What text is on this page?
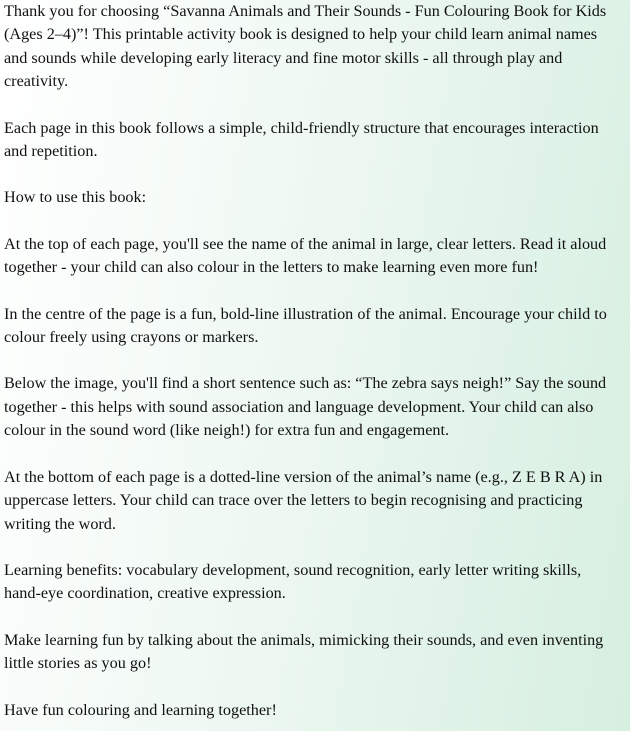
Thank you for choosing “Savanna Animals and Their Sounds - Fun Colouring Book for Kids (Ages 2–4)”! This printable activity book is designed to help your child learn animal names and sounds while developing early literacy and fine motor skills - all through play and creativity.

Each page in this book follows a simple, child-friendly structure that encourages interaction and repetition.

How to use this book:

At the top of each page, you'll see the name of the animal in large, clear letters. Read it aloud together - your child can also colour in the letters to make learning even more fun!

In the centre of the page is a fun, bold-line illustration of the animal. Encourage your child to colour freely using crayons or markers.

Below the image, you'll find a short sentence such as: “The zebra says neigh!” Say the sound together - this helps with sound association and language development. Your child can also colour in the sound word (like neigh!) for extra fun and engagement.

At the bottom of each page is a dotted-line version of the animal’s name (e.g., Z E B R A) in uppercase letters. Your child can trace over the letters to begin recognising and practicing writing the word.

Learning benefits: vocabulary development, sound recognition, early letter writing skills, hand-eye coordination, creative expression.

Make learning fun by talking about the animals, mimicking their sounds, and even inventing little stories as you go!

Have fun colouring and learning together!
